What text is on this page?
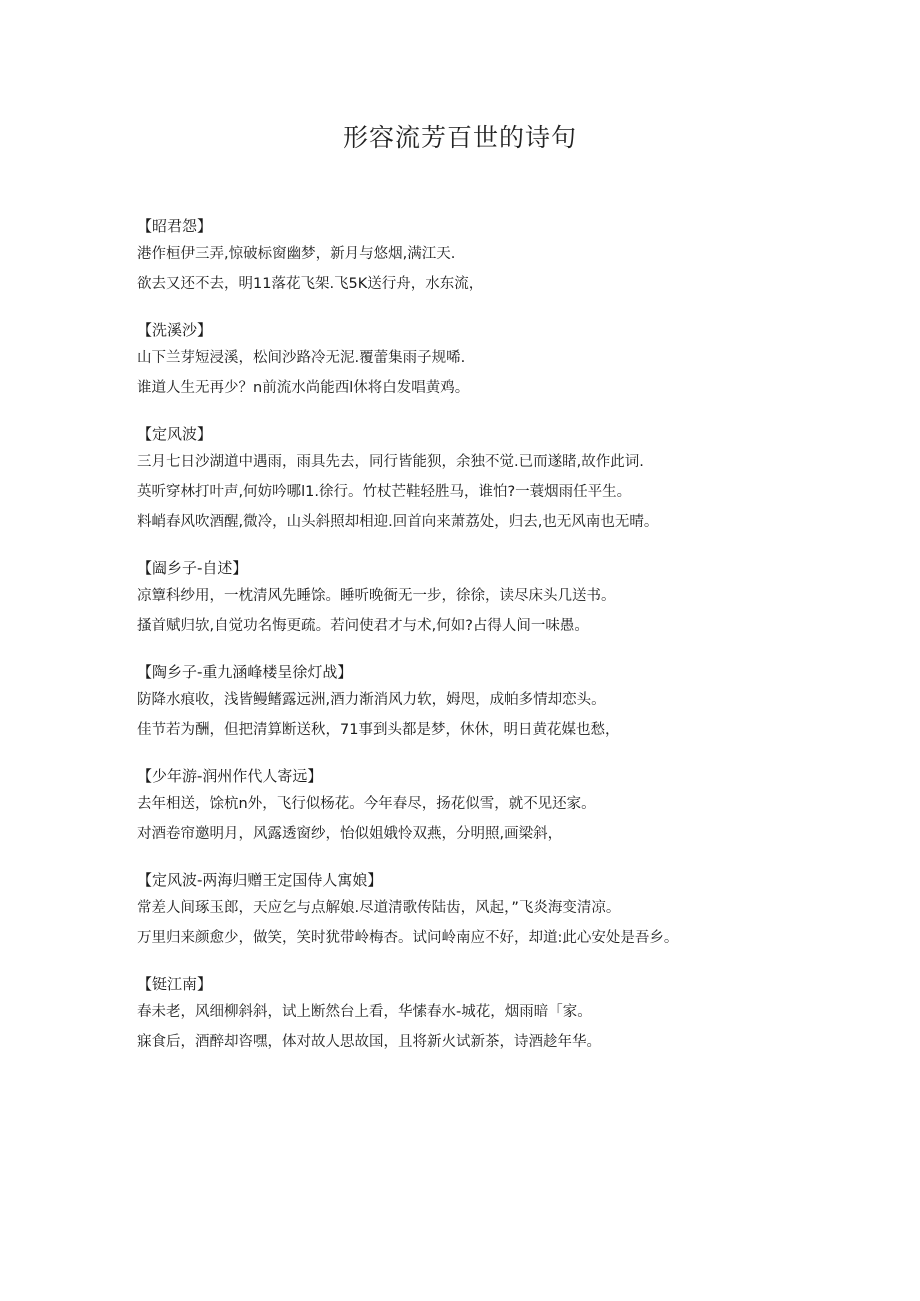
形容流芳百世的诗句
【昭君怨】
港作桓伊三弄,惊破标窗幽梦，新月与悠烟,满江天.
欲去又还不去，明11落花飞架.飞5K送行舟，水东流，
【洗溪沙】
山下兰芽短浸溪，松间沙路冷无泥.覆蕾集雨子规唏.
谁道人生无再少？n前流水尚能西l休将白发唱黄鸡。
【定风波】
三月七日沙湖道中遇雨，雨具先去，同行皆能狈，余独不觉.已而遂睹,故作此词.
英听穿林打叶声,何妨吟哪l1.徐行。竹杖芒鞋轻胜马，谁怕?一蓑烟雨任平生。
料峭春风吹酒醒,微冷，山头斜照却相迎.回首向来萧荔处，归去,也无风南也无晴。
【阖乡子-自述】
凉簟科纱用，一枕清风先睡馀。睡听晚衙无一步，徐徐，读尽床头几送书。
搔首赋归欤,自觉功名悔更疏。若问使君才与术,何如?占得人间一味愚。
【陶乡子-重九涵峰楼呈徐灯战】
防降水痕收，浅皆鳗鳍露远洲,酒力渐消风力软，姆咫，成帕多情却恋头。
佳节若为酬，但把清算断送秋，71事到头都是梦，休休，明日黄花媒也愁，
【少年游-润州作代人寄远】
去年相送，馀杭n外，飞行似杨花。今年春尽，扬花似雪，就不见还家。
对酒卷帘邀明月，风露透窗纱，怡似姐娥怜双燕，分明照,画梁斜，
【定风波-两海归赠王定国侍人寓娘】
常差人间琢玉郎，天应乞与点解娘.尽道清歌传陆齿，风起，”飞炎海变清凉。
万里归来颜愈少，做笑，笑时犹带岭梅杏。试问岭南应不好，却道:此心安处是吾乡。
【铤江南】
春未老，风细柳斜斜，试上断然台上看，华愫春水-城花，烟雨暗「家。
寐食后，酒醉却咨嘿，体对故人思故国，且将新火试新茶，诗酒趁年华。
